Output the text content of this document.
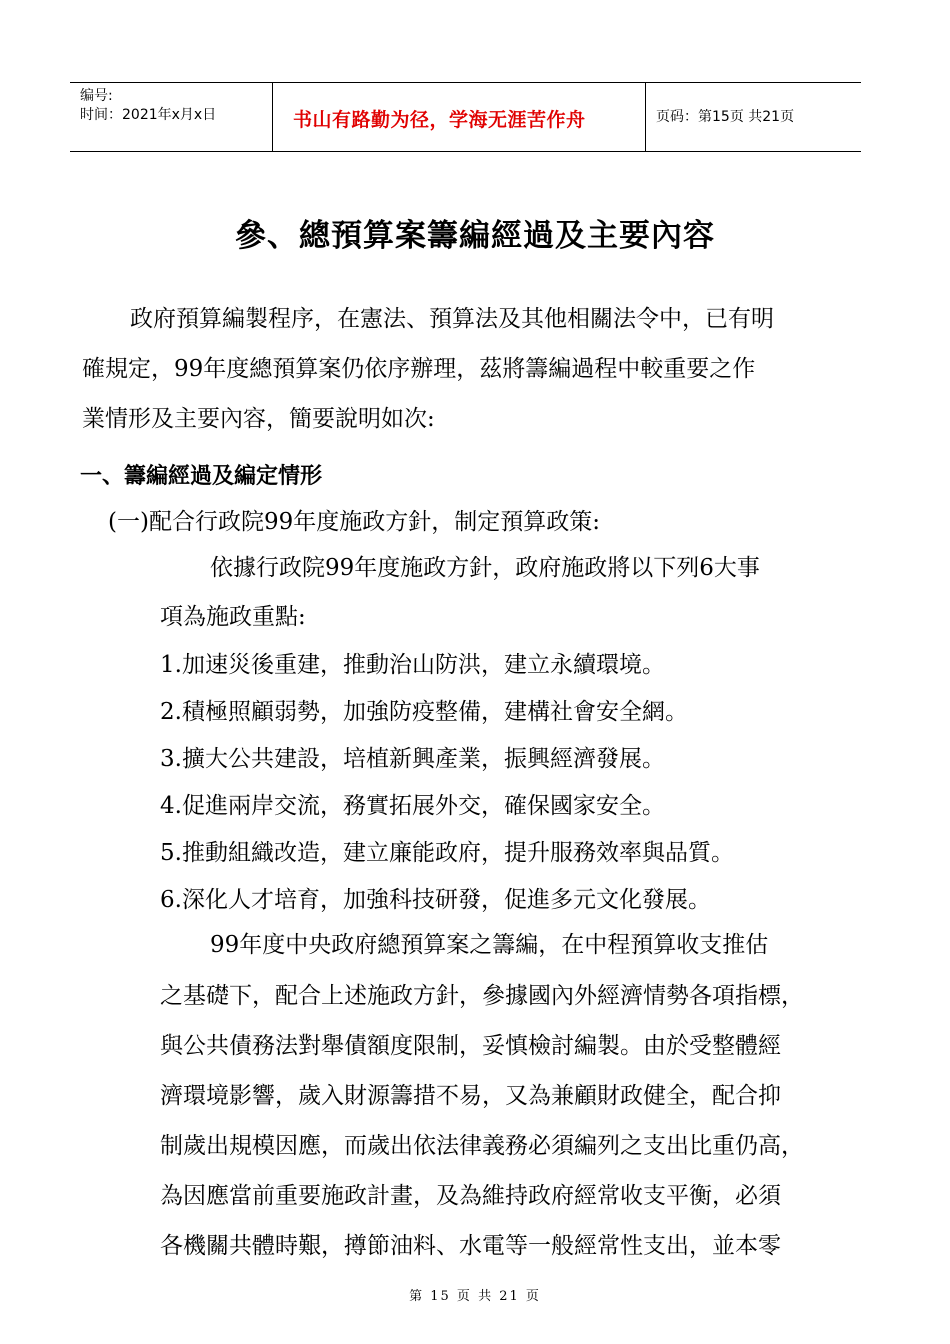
编号:
时间：2021年x月x日	书山有路勤为径，学海无涯苦作舟	页码：第15页 共21页
參、總預算案籌編經過及主要內容
政府預算編製程序，在憲法、預算法及其他相關法令中，已有明
確規定，99年度總預算案仍依序辦理，茲將籌編過程中較重要之作
業情形及主要內容，簡要說明如次:
一、籌編經過及編定情形
(一)配合行政院99年度施政方針，制定預算政策:
依據行政院99年度施政方針，政府施政將以下列6大事
項為施政重點:
1.加速災後重建，推動治山防洪，建立永續環境。
2.積極照顧弱勢，加強防疫整備，建構社會安全網。
3.擴大公共建設，培植新興產業，振興經濟發展。
4.促進兩岸交流，務實拓展外交，確保國家安全。
5.推動組織改造，建立廉能政府，提升服務效率與品質。
6.深化人才培育，加強科技研發，促進多元文化發展。
99年度中央政府總預算案之籌編，在中程預算收支推估
之基礎下，配合上述施政方針，參據國內外經濟情勢各項指標，
與公共債務法對舉債額度限制，妥慎檢討編製。由於受整體經
濟環境影響，歲入財源籌措不易，又為兼顧財政健全，配合抑
制歲出規模因應，而歲出依法律義務必須編列之支出比重仍高，
為因應當前重要施政計畫，及為維持政府經常收支平衡，必須
各機關共體時艱，撙節油料、水電等一般經常性支出，並本零
第 15 页 共 21 页
